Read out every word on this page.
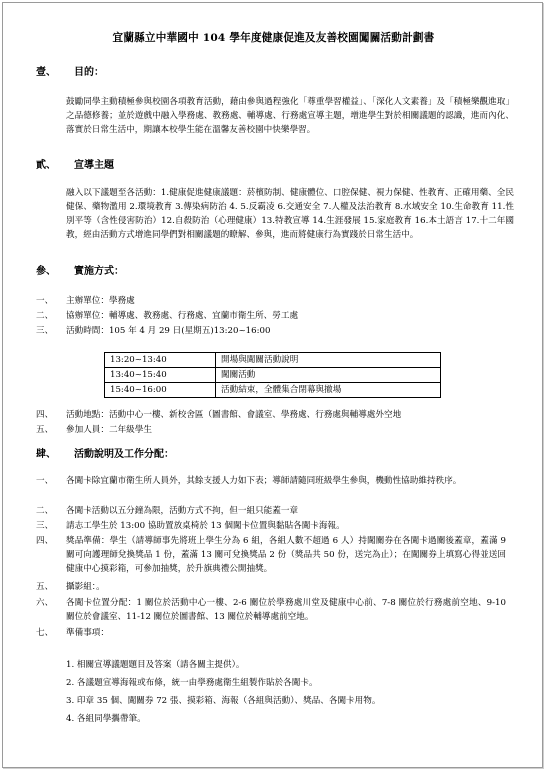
宜蘭縣立中華國中 104 學年度健康促進及友善校園闖關活動計劃書
壹、 目的：
鼓勵同學主動積極參與校園各項教育活動，藉由參與過程強化「尊重學習權益」、「深化人文素養」及「積極樂觀進取」之品德修養；並於遊戲中融入學務處、教務處、輔導處、行務處宣導主題，增進學生對於相關議題的認識，進而內化、落實於日常生活中，期讓本校學生能在溫馨友善校園中快樂學習。
貳、 宣導主題
融入以下議題至各活動：1.健康促進健康議題：菸檳防制、健康體位、口腔保健、視力保健、性教育、正確用藥、全民健保、藥物濫用 2.環境教育 3.傳染病防治 4. 5.反霸凌 6.交通安全 7.人權及法治教育 8.水域安全 10.生命教育 11.性別平等（含性侵害防治）12.自殺防治（心理健康）13.特教宣導 14.生涯發展 15.家庭教育 16.本土語言 17.十二年國教，經由活動方式增進同學們對相關議題的瞭解、參與，進而將健康行為實踐於日常生活中。
參、 實施方式：
一、 主辦單位：學務處
二、 協辦單位：輔導處、教務處、行務處、宜蘭市衛生所、勞工處
三、 活動時間：105 年 4 月 29 日(星期五)13:20~16:00
13:20~13:40	開場與闖關活動說明
13:40~15:40	闖關活動
15:40~16:00	活動結束，全體集合閉幕與撤場
四、 活動地點：活動中心一樓、新校舍區（圖書館、會議室、學務處、行務處與輔導處外空地
五、 參加人員：二年級學生
肆、 活動說明及工作分配：
一、 各闖卡除宜蘭市衛生所人員外，其餘支援人力如下表；導師請隨同班級學生參與，機動性協助維持秩序。
二、 各闖卡活動以五分鐘為限，活動方式不拘，但一組只能蓋一章
三、 請志工學生於 13:00 協助置放桌椅於 13 個闖卡位置與黏貼各闖卡海報。
四、 獎品準備：學生（請導師事先將班上學生分為 6 組，各組人數不超過 6 人）持闖關券在各闖卡過關後蓋章，蓋滿 9 關可向護理師兌換獎品 1 份，蓋滿 13 關可兌換獎品 2 份（獎品共 50 份，送完為止）；在闖關券上填寫心得並送回健康中心摸彩箱，可參加抽獎，於升旗典禮公開抽獎。
五、 攝影組：。
六、 各闖卡位置分配：1 關位於活動中心一樓、2-6 關位於學務處川堂及健康中心前、7-8 關位於行務處前空地、9-10 關位於會議室、11-12 關位於圖書館、13 關位於輔導處前空地。
七、 準備事項：
1. 相關宣導議題題目及答案（請各關主提供）。
2. 各議題宣導海報或布條，統一由學務處衛生組製作貼於各闖卡。
3. 印章 35 個、闖關券 72 張、摸彩箱、海報（各組與活動）、獎品、各闖卡用物。
4. 各組同學攜帶筆。
